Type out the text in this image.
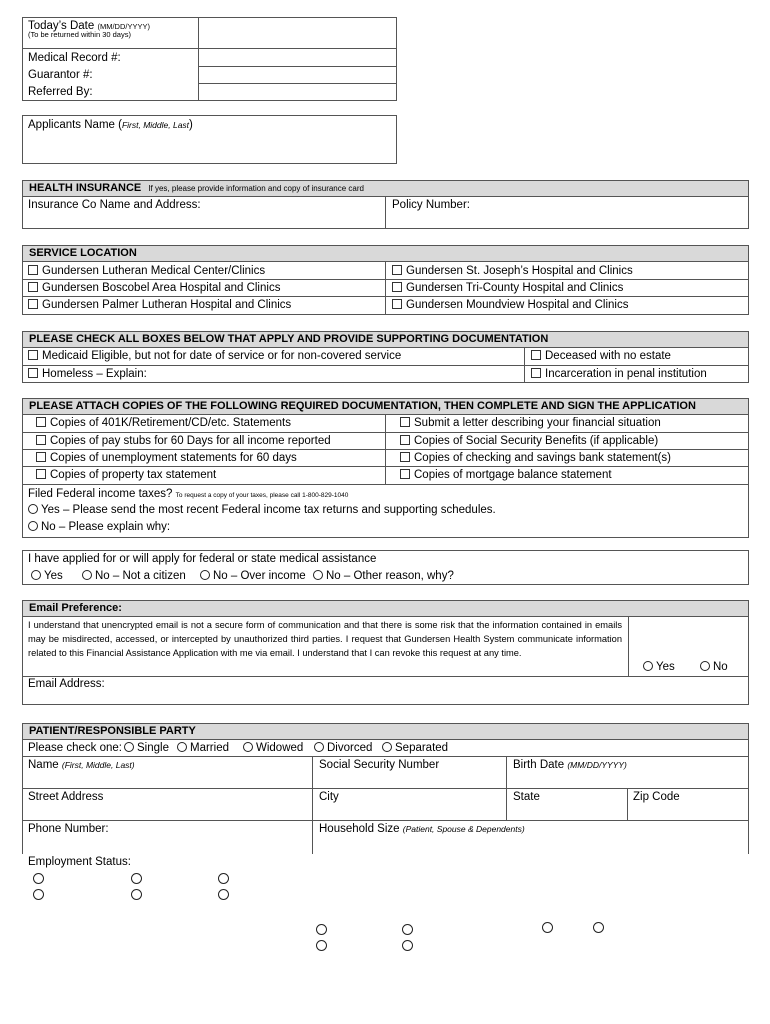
Today’s Date (MM/DD/YYYY)
(To be returned within 30 days)
Medical Record #:
Guarantor #:
Referred By:
Applicants Name (First, Middle, Last)
HEALTH INSURANCE If yes, please provide information and copy of insurance card
Insurance Co Name and Address:	Policy Number:
SERVICE LOCATION
Gundersen Lutheran Medical Center/Clinics
Gundersen Boscobel Area Hospital and Clinics
Gundersen Palmer Lutheran Hospital and Clinics
Gundersen St. Joseph’s Hospital and Clinics
Gundersen Tri-County Hospital and Clinics
Gundersen Moundview Hospital and Clinics
PLEASE CHECK ALL BOXES BELOW THAT APPLY AND PROVIDE SUPPORTING DOCUMENTATION
Medicaid Eligible, but not for date of service or for non-covered service
Homeless – Explain:
Deceased with no estate
Incarceration in penal institution
PLEASE ATTACH COPIES OF THE FOLLOWING REQUIRED DOCUMENTATION, THEN COMPLETE AND SIGN THE APPLICATION
Copies of 401K/Retirement/CD/etc. Statements
Copies of pay stubs for 60 Days for all income reported
Copies of unemployment statements for 60 days
Copies of property tax statement
Submit a letter describing your financial situation
Copies of Social Security Benefits (if applicable)
Copies of checking and savings bank statement(s)
Copies of mortgage balance statement
Filed Federal income taxes? To request a copy of your taxes, please call 1-800-829-1040
Yes – Please send the most recent Federal income tax returns and supporting schedules.
No – Please explain why:
I have applied for or will apply for federal or state medical assistance
Yes	No – Not a citizen	No – Over income	No – Other reason, why?
Email Preference:
I understand that unencrypted email is not a secure form of communication and that there is some risk that the information contained in emails may be misdirected, accessed, or intercepted by unauthorized third parties. I request that Gundersen Health System communicate information related to this Financial Assistance Application with me via email. I understand that I can revoke this request at any time.
Yes	No
Email Address:
PATIENT/RESPONSIBLE PARTY
Please check one:	Single	Married	Widowed	Divorced	Separated
Name (First, Middle, Last)	Social Security Number	Birth Date (MM/DD/YYYY)
Street Address	City	State	Zip Code
Phone Number:	Household Size (Patient, Spouse & Dependents)
Employment Status:
